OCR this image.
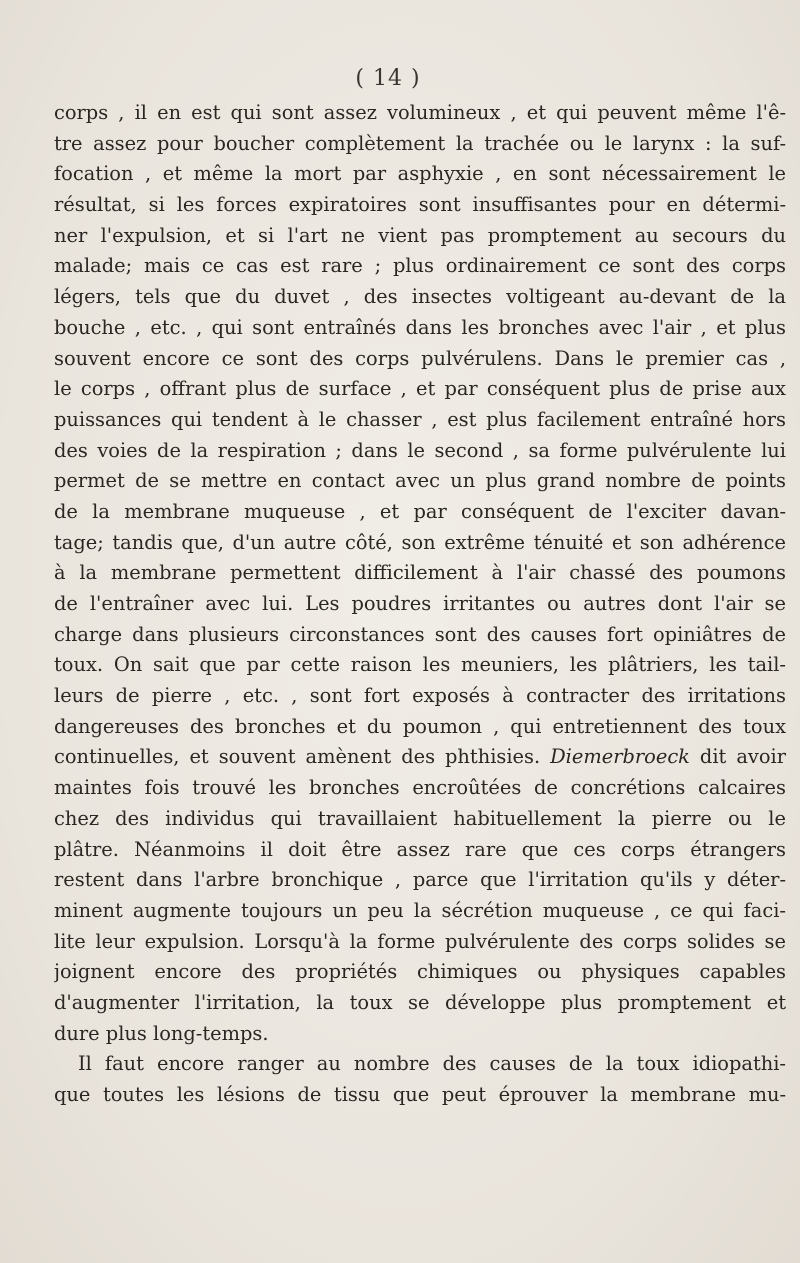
( 14 )
corps , il en est qui sont assez volumineux , et qui peuvent même l'ê-
tre assez pour boucher complètement la trachée ou le larynx : la suf-
focation , et même la mort par asphyxie , en sont nécessairement le
résultat, si les forces expiratoires sont insuffisantes pour en détermi-
ner l'expulsion, et si l'art ne vient pas promptement au secours du
malade; mais ce cas est rare ; plus ordinairement ce sont des corps
légers, tels que du duvet , des insectes voltigeant au-devant de la
bouche , etc. , qui sont entraînés dans les bronches avec l'air , et plus
souvent encore ce sont des corps pulvérulens. Dans le premier cas ,
le corps , offrant plus de surface , et par conséquent plus de prise aux
puissances qui tendent à le chasser , est plus facilement entraîné hors
des voies de la respiration ; dans le second , sa forme pulvérulente lui
permet de se mettre en contact avec un plus grand nombre de points
de la membrane muqueuse , et par conséquent de l'exciter davan-
tage; tandis que, d'un autre côté, son extrême ténuité et son adhérence
à la membrane permettent difficilement à l'air chassé des poumons
de l'entraîner avec lui. Les poudres irritantes ou autres dont l'air se
charge dans plusieurs circonstances sont des causes fort opiniâtres de
toux. On sait que par cette raison les meuniers, les plâtriers, les tail-
leurs de pierre , etc. , sont fort exposés à contracter des irritations
dangereuses des bronches et du poumon , qui entretiennent des toux
continuelles, et souvent amènent des phthisies. Diemerbroeck dit avoir
maintes fois trouvé les bronches encroûtées de concrétions calcaires
chez des individus qui travaillaient habituellement la pierre ou le
plâtre. Néanmoins il doit être assez rare que ces corps étrangers
restent dans l'arbre bronchique , parce que l'irritation qu'ils y déter-
minent augmente toujours un peu la sécrétion muqueuse , ce qui faci-
lite leur expulsion. Lorsqu'à la forme pulvérulente des corps solides se
joignent encore des propriétés chimiques ou physiques capables
d'augmenter l'irritation, la toux se développe plus promptement et
dure plus long-temps.
Il faut encore ranger au nombre des causes de la toux idiopathi-
que toutes les lésions de tissu que peut éprouver la membrane mu-
